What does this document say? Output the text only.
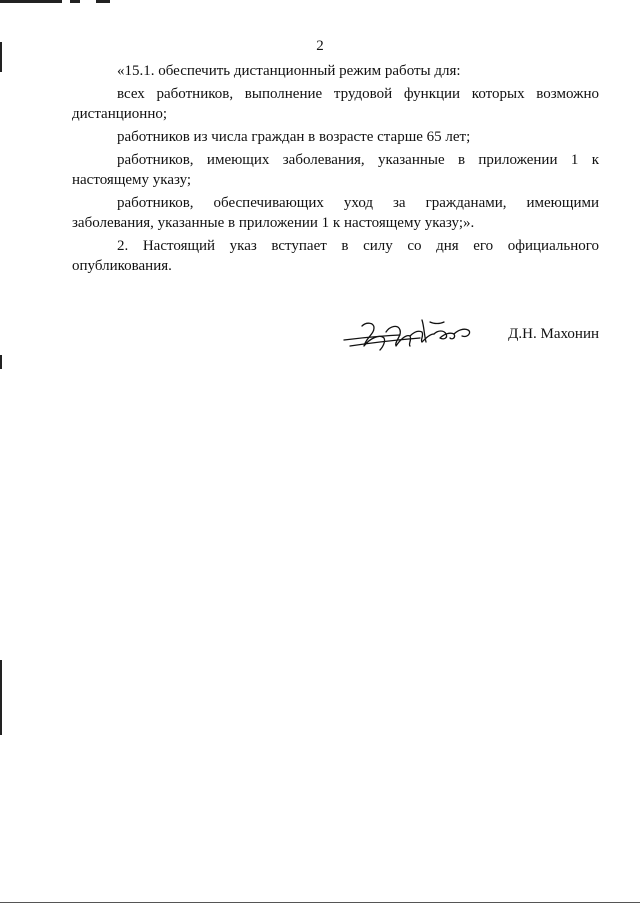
2

«15.1. обеспечить дистанционный режим работы для:

всех работников, выполнение трудовой функции которых возможно дистанционно;

работников из числа граждан в возрасте старше 65 лет;

работников, имеющих заболевания, указанные в приложении 1 к настоящему указу;

работников, обеспечивающих уход за гражданами, имеющими заболевания, указанные в приложении 1 к настоящему указу;».

2. Настоящий указ вступает в силу со дня его официального опубликования.

Д.Н. Махонин
